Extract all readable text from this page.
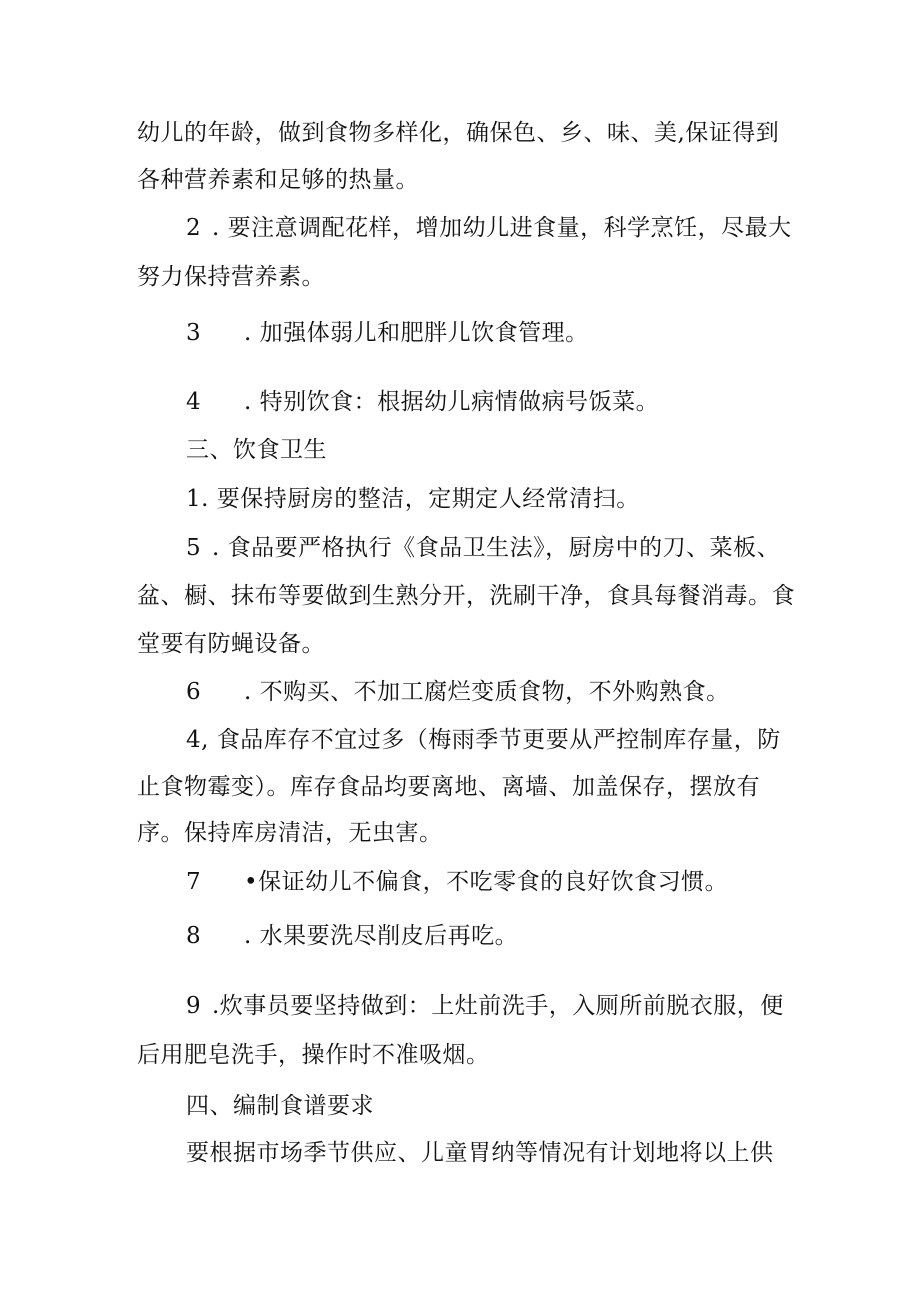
幼儿的年龄，做到食物多样化，确保色、乡、味、美,保证得到
各种营养素和足够的热量。
2 . 要注意调配花样，增加幼儿进食量，科学烹饪，尽最大
努力保持营养素。
3 . 加强体弱儿和肥胖儿饮食管理。
4 . 特别饮食：根据幼儿病情做病号饭菜。
三、饮食卫生
1. 要保持厨房的整洁，定期定人经常清扫。
5 . 食品要严格执行《食品卫生法》，厨房中的刀、菜板、
盆、橱、抹布等要做到生熟分开，洗刷干净，食具每餐消毒。食
堂要有防蝇设备。
6 . 不购买、不加工腐烂变质食物，不外购熟食。
4, 食品库存不宜过多（梅雨季节更要从严控制库存量，防
止食物霉变）。库存食品均要离地、离墙、加盖保存，摆放有
序。保持库房清洁，无虫害。
7 •保证幼儿不偏食，不吃零食的良好饮食习惯。
8 . 水果要洗尽削皮后再吃。
9 .炊事员要坚持做到：上灶前洗手，入厕所前脱衣服，便
后用肥皂洗手，操作时不准吸烟。
四、编制食谱要求
要根据市场季节供应、儿童胃纳等情况有计划地将以上供
